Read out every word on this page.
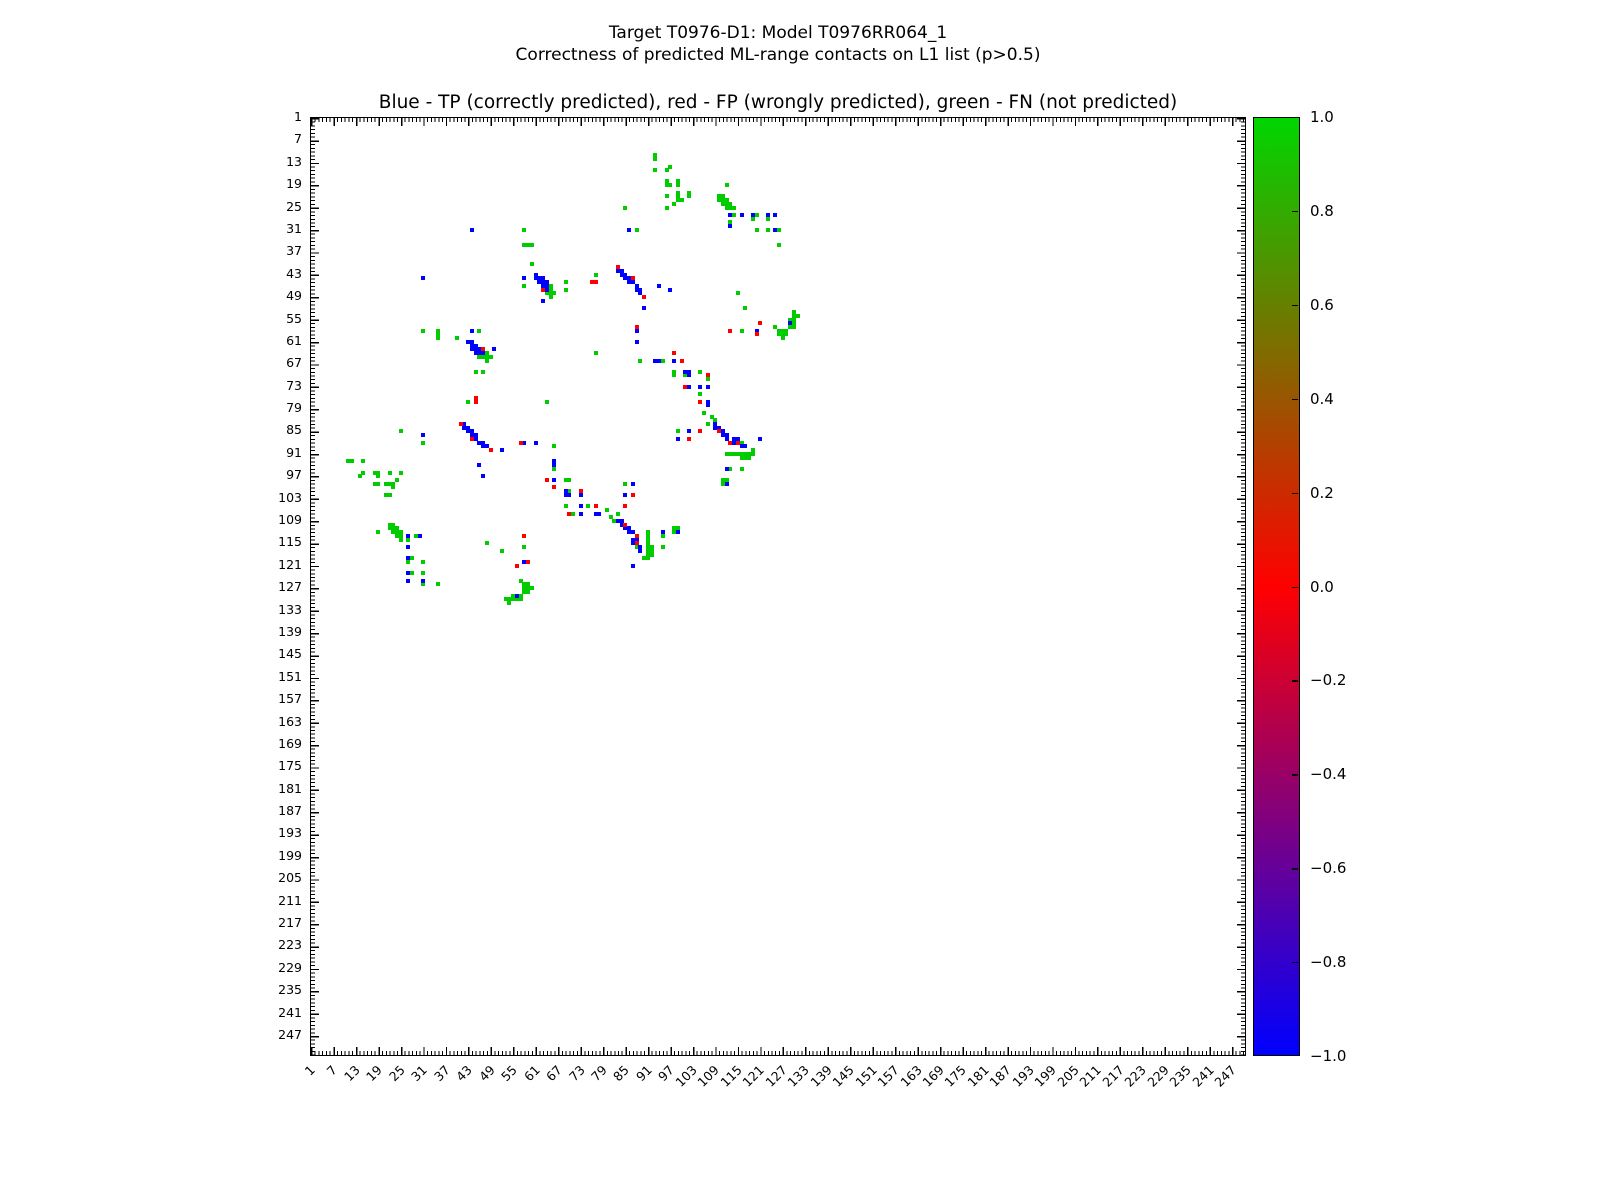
Target T0976-D1: Model T0976RR064_1
Correctness of predicted ML-range contacts on L1 list (p>0.5)
Blue - TP (correctly predicted), red - FP (wrongly predicted), green - FN (not predicted)
1
7
13
19
25
31
37
43
49
55
61
67
73
79
85
91
97
103
109
115
121
127
133
139
145
151
157
163
169
175
181
187
193
199
205
211
217
223
229
235
241
247
1 7 13 19 25 31 37 43 49 55 61 67 73 79 85 91 97
103
109
115
121
127
133
139
145
151
157
163
169
175
181
187
193
199
205
211
217
223
229
235
241
247
1.0
0.8
0.6
0.4
0.2
0.0
−0.2
−0.4
−0.6
−0.8
−1.0
